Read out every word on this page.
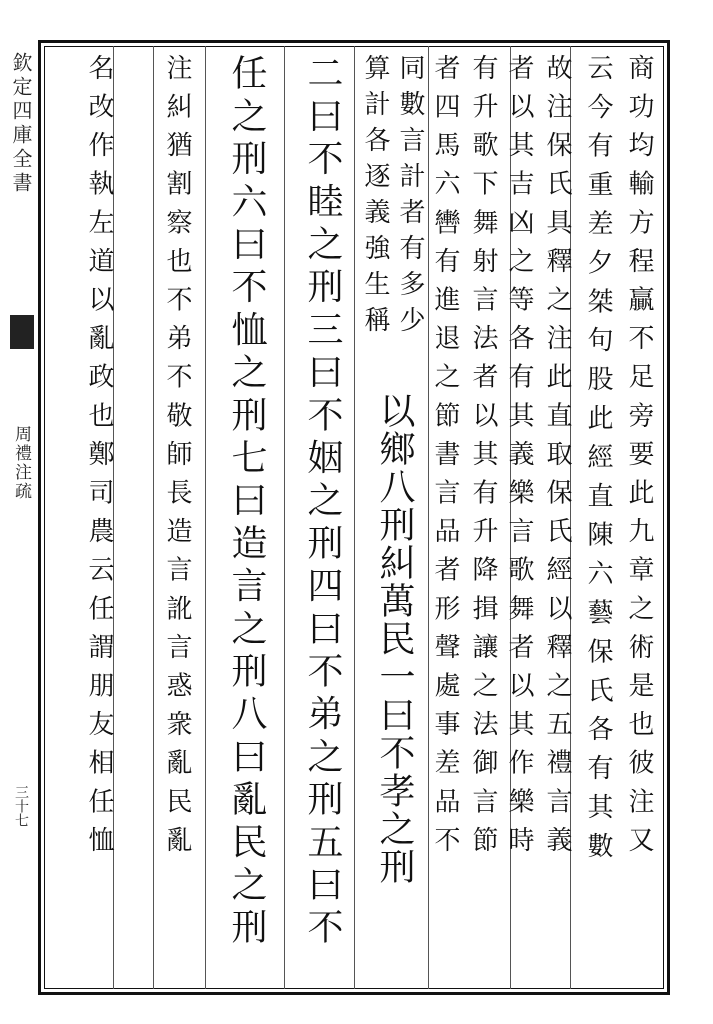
欽定四庫全書
周禮注疏
三十七	商功均輸方程贏不足旁要此九章之術是也彼注又
云今有重差夕桀句股此經直陳六藝保氏各有其數
故注保氏具釋之注此直取保氏經以釋之五禮言義
者以其吉凶之等各有其義樂言歌舞者以其作樂時
有升歌下舞射言法者以其有升降揖讓之法御言節
者四馬六轡有進退之節書言品者形聲處事差品不
同數言計者有多少
算計各逐義強生稱
以鄉八刑糾萬民一曰不孝之刑
二曰不睦之刑三曰不姻之刑四曰不弟之刑五曰不
任之刑六曰不恤之刑七曰造言之刑八曰亂民之刑
注糾猶割察也不弟不敬師長造言訛言惑衆亂民亂
名改作執左道以亂政也鄭司農云任謂朋友相任恤
